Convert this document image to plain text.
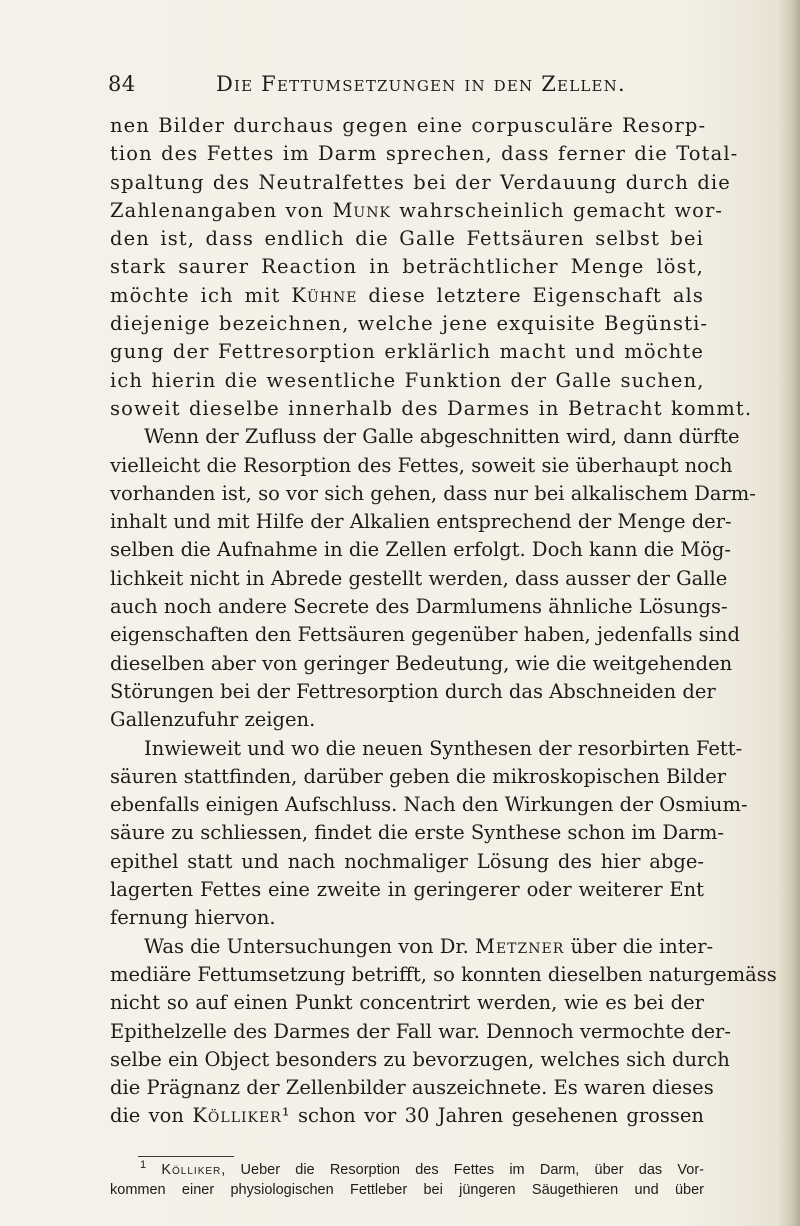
84	Die Fettumsetzungen in den Zellen.
nen Bilder durchaus gegen eine corpusculäre Resorp-
tion des Fettes im Darm sprechen, dass ferner die Total-
spaltung des Neutralfettes bei der Verdauung durch die
Zahlenangaben von Munk wahrscheinlich gemacht wor-
den ist, dass endlich die Galle Fettsäuren selbst bei
stark saurer Reaction in beträchtlicher Menge löst,
möchte ich mit Kühne diese letztere Eigenschaft als
diejenige bezeichnen, welche jene exquisite Begünsti-
gung der Fettresorption erklärlich macht und möchte
ich hierin die wesentliche Funktion der Galle suchen,
soweit dieselbe innerhalb des Darmes in Betracht kommt.
Wenn der Zufluss der Galle abgeschnitten wird, dann dürfte
vielleicht die Resorption des Fettes, soweit sie überhaupt noch
vorhanden ist, so vor sich gehen, dass nur bei alkalischem Darm-
inhalt und mit Hilfe der Alkalien entsprechend der Menge der-
selben die Aufnahme in die Zellen erfolgt. Doch kann die Mög-
lichkeit nicht in Abrede gestellt werden, dass ausser der Galle
auch noch andere Secrete des Darmlumens ähnliche Lösungs-
eigenschaften den Fettsäuren gegenüber haben, jedenfalls sind
dieselben aber von geringer Bedeutung, wie die weitgehenden
Störungen bei der Fettresorption durch das Abschneiden der
Gallenzufuhr zeigen.
Inwieweit und wo die neuen Synthesen der resorbirten Fett-
säuren stattfinden, darüber geben die mikroskopischen Bilder
ebenfalls einigen Aufschluss. Nach den Wirkungen der Osmium-
säure zu schliessen, findet die erste Synthese schon im Darm-
epithel statt und nach nochmaliger Lösung des hier abge-
lagerten Fettes eine zweite in geringerer oder weiterer Ent
fernung hiervon.
Was die Untersuchungen von Dr. Metzner über die inter-
mediäre Fettumsetzung betrifft, so konnten dieselben naturgemäss
nicht so auf einen Punkt concentrirt werden, wie es bei der
Epithelzelle des Darmes der Fall war. Dennoch vermochte der-
selbe ein Object besonders zu bevorzugen, welches sich durch
die Prägnanz der Zellenbilder auszeichnete. Es waren dieses
die von Kölliker¹ schon vor 30 Jahren gesehenen grossen
$^1$ Kölliker, Ueber die Resorption des Fettes im Darm, über das Vor-
kommen einer physiologischen Fettleber bei jüngeren Säugethieren und über
